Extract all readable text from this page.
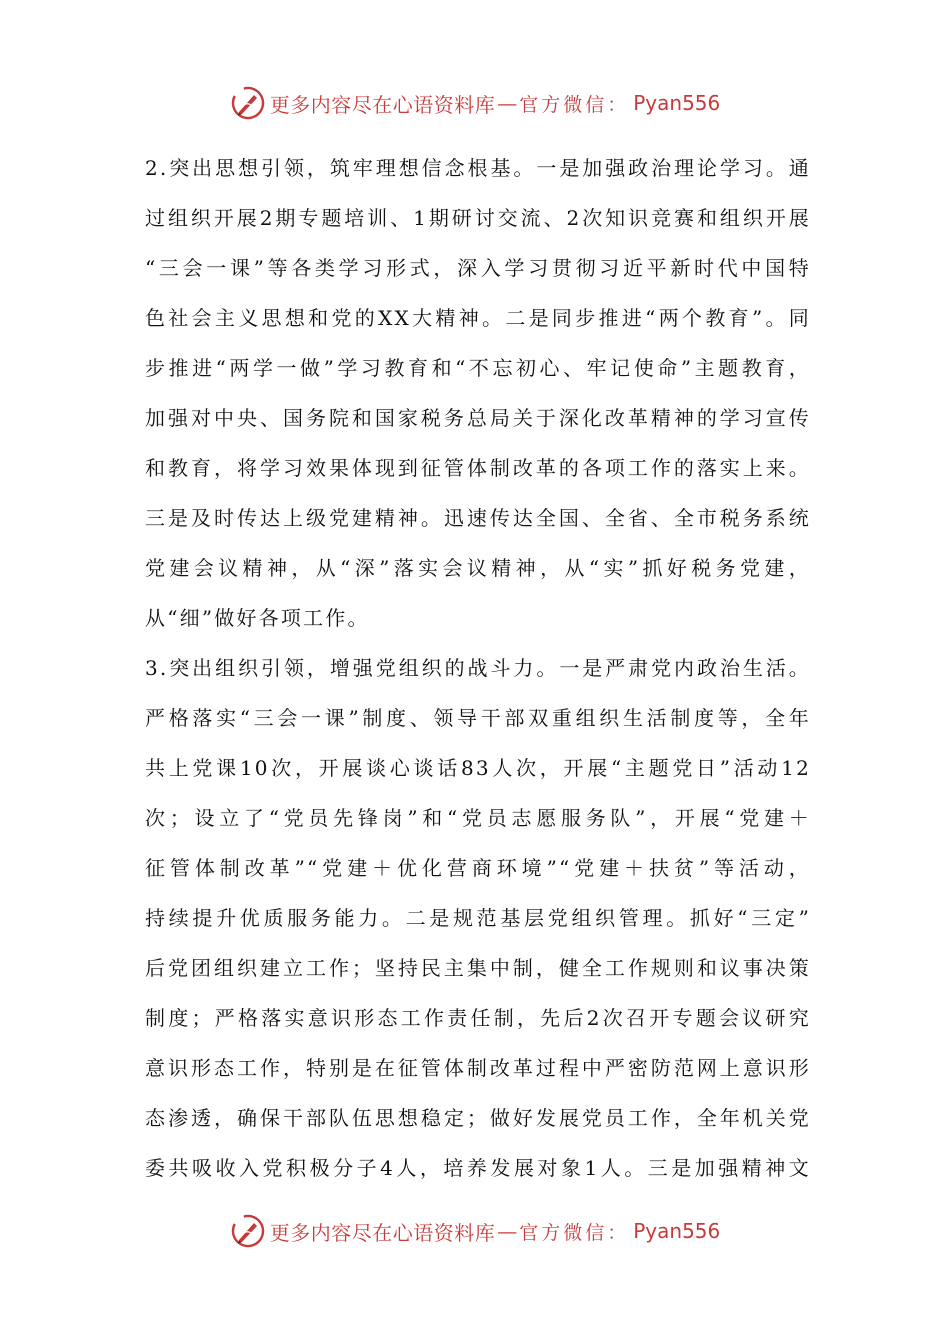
更多内容尽在心语资料库 — 官方微信： Pyan556
2.突出思想引领，筑牢理想信念根基。一是加强政治理论学习。通
过组织开展2期专题培训、1期研讨交流、2次知识竞赛和组织开展
“三会一课”等各类学习形式，深入学习贯彻习近平新时代中国特
色社会主义思想和党的XX大精神。二是同步推进“两个教育”。同
步推进“两学一做”学习教育和“不忘初心、牢记使命”主题教育，
加强对中央、国务院和国家税务总局关于深化改革精神的学习宣传
和教育，将学习效果体现到征管体制改革的各项工作的落实上来。
三是及时传达上级党建精神。迅速传达全国、全省、全市税务系统
党建会议精神，从“深”落实会议精神，从“实”抓好税务党建，
从“细”做好各项工作。
3.突出组织引领，增强党组织的战斗力。一是严肃党内政治生活。
严格落实“三会一课”制度、领导干部双重组织生活制度等，全年
共上党课10次，开展谈心谈话83人次，开展“主题党日”活动12
次；设立了“党员先锋岗”和“党员志愿服务队”，开展“党建＋
征管体制改革”“党建＋优化营商环境”“党建＋扶贫”等活动，
持续提升优质服务能力。二是规范基层党组织管理。抓好“三定”
后党团组织建立工作；坚持民主集中制，健全工作规则和议事决策
制度；严格落实意识形态工作责任制，先后2次召开专题会议研究
意识形态工作，特别是在征管体制改革过程中严密防范网上意识形
态渗透，确保干部队伍思想稳定；做好发展党员工作，全年机关党
委共吸收入党积极分子4人，培养发展对象1人。三是加强精神文
更多内容尽在心语资料库 — 官方微信： Pyan556
